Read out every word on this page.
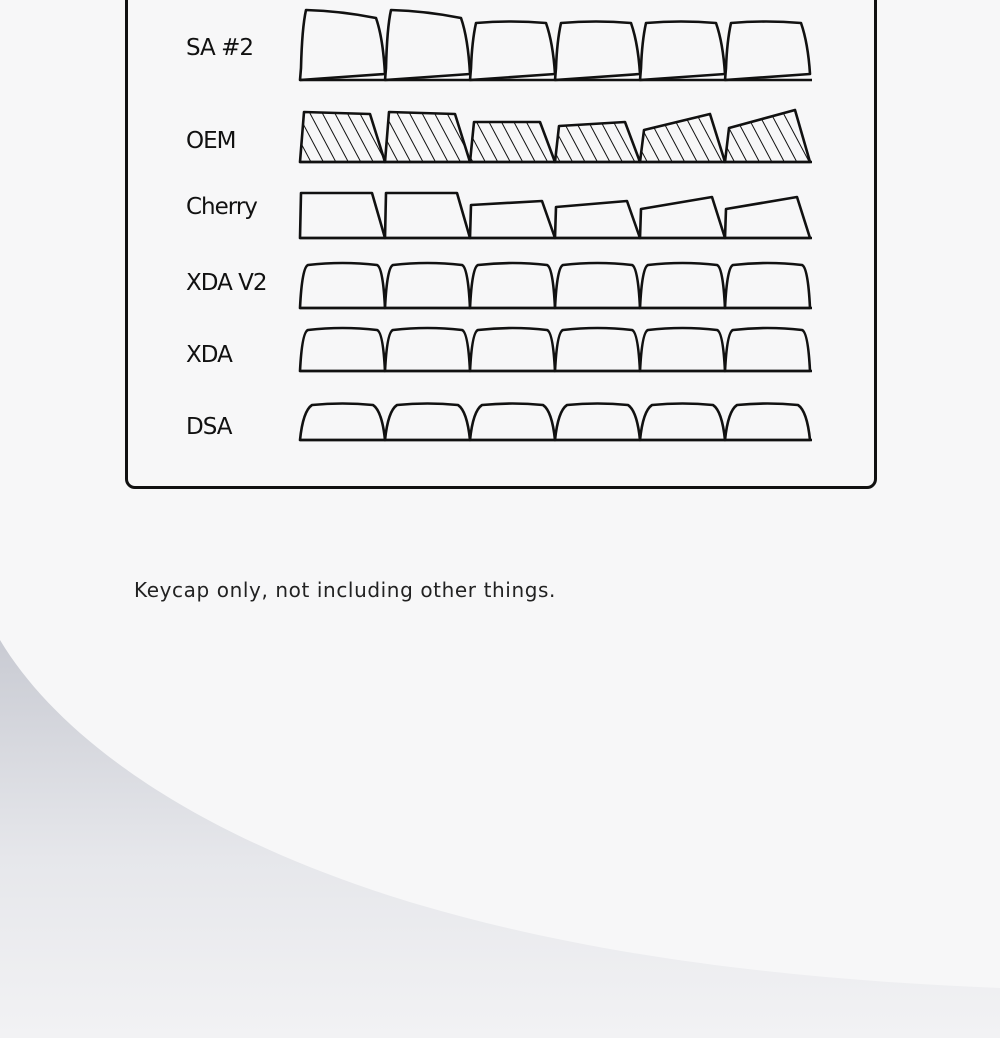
SA #2
OEM
Cherry
XDA V2
XDA
DSA
Keycap only, not including other things.
